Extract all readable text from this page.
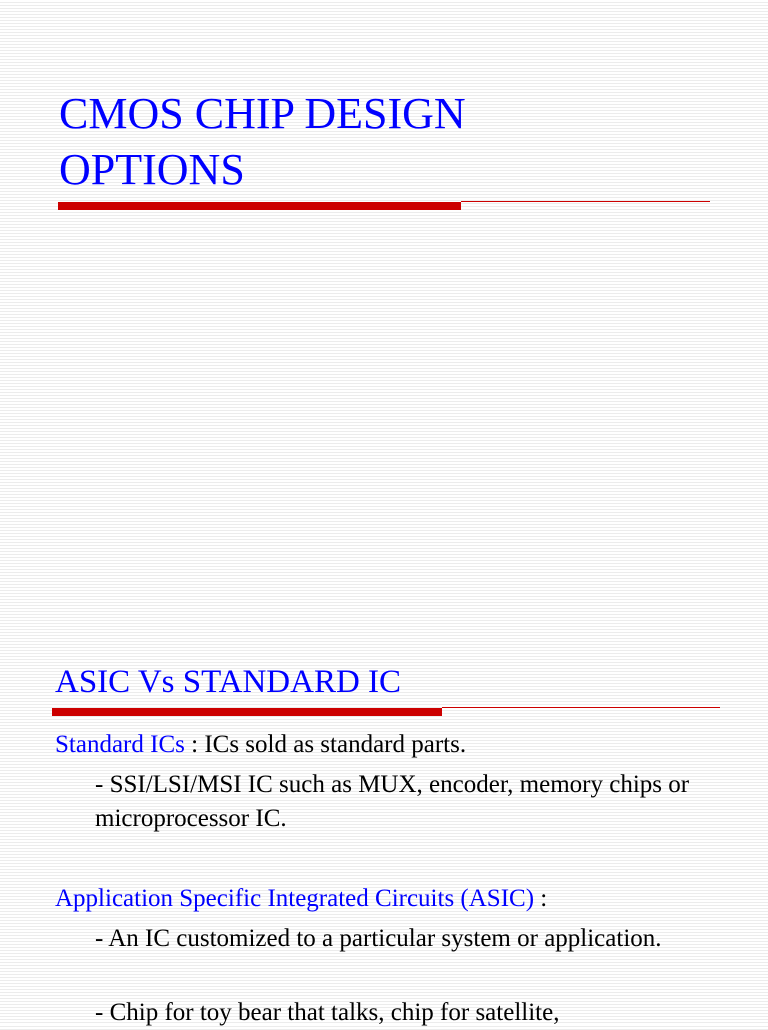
CMOS CHIP DESIGN
OPTIONS
ASIC Vs STANDARD IC

Standard ICs : ICs sold as standard parts.

- SSI/LSI/MSI IC such as MUX, encoder, memory chips or microprocessor IC.

Application Specific Integrated Circuits (ASIC) :

- An IC customized to a particular system or application.

- Chip for toy bear that talks, chip for satellite,
